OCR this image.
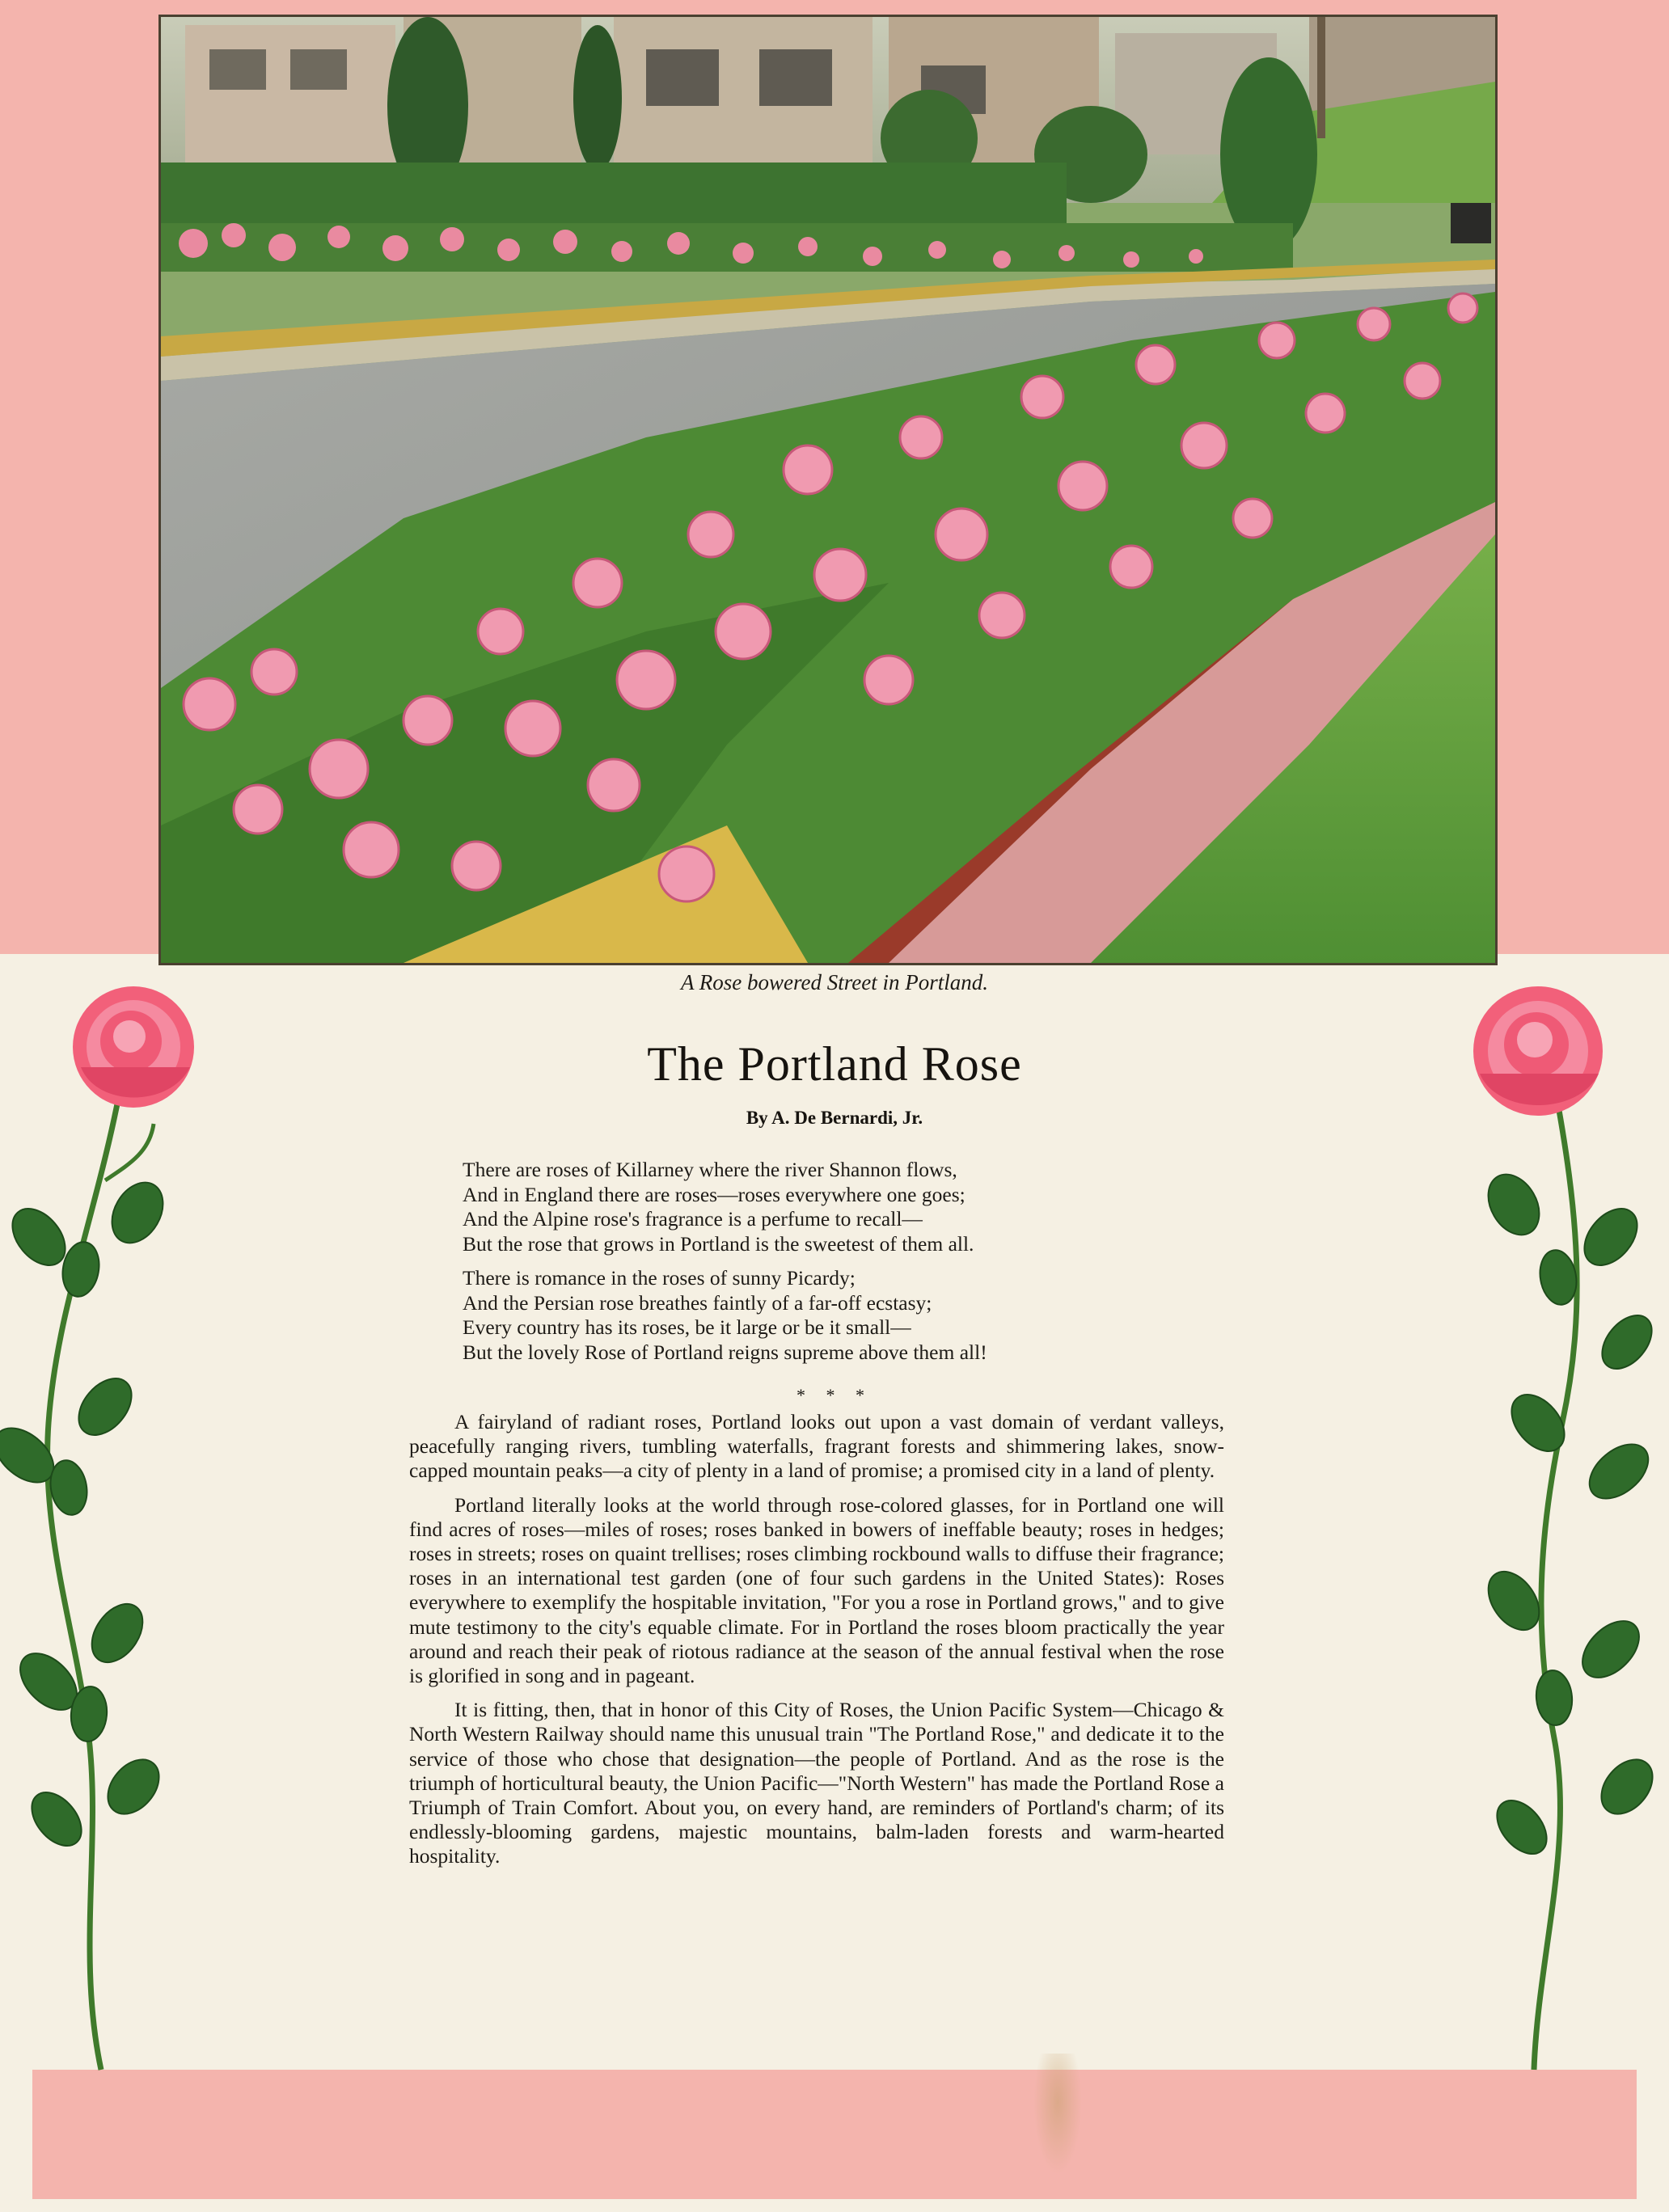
A Rose bowered Street in Portland.
The Portland Rose
By A. De Bernardi, Jr.
There are roses of Killarney where the river Shannon flows,
And in England there are roses—roses everywhere one goes;
And the Alpine rose's fragrance is a perfume to recall—
But the rose that grows in Portland is the sweetest of them all.
There is romance in the roses of sunny Picardy;
And the Persian rose breathes faintly of a far-off ecstasy;
Every country has its roses, be it large or be it small—
But the lovely Rose of Portland reigns supreme above them all!
* * *

A fairyland of radiant roses, Portland looks out upon a vast domain of verdant valleys, peacefully ranging rivers, tumbling waterfalls, fragrant forests and shimmering lakes, snow-capped mountain peaks—a city of plenty in a land of promise; a promised city in a land of plenty.

Portland literally looks at the world through rose-colored glasses, for in Portland one will find acres of roses—miles of roses; roses banked in bowers of ineffable beauty; roses in hedges; roses in streets; roses on quaint trellises; roses climbing rockbound walls to diffuse their fragrance; roses in an international test garden (one of four such gardens in the United States): Roses everywhere to exemplify the hospitable invitation, "For you a rose in Portland grows," and to give mute testimony to the city's equable climate. For in Portland the roses bloom practically the year around and reach their peak of riotous radiance at the season of the annual festival when the rose is glorified in song and in pageant.

It is fitting, then, that in honor of this City of Roses, the Union Pacific System—Chicago & North Western Railway should name this unusual train "The Portland Rose," and dedicate it to the service of those who chose that designation—the people of Portland. And as the rose is the triumph of horticultural beauty, the Union Pacific—"North Western" has made the Portland Rose a Triumph of Train Comfort. About you, on every hand, are reminders of Portland's charm; of its endlessly-blooming gardens, majestic mountains, balm-laden forests and warm-hearted hospitality.
